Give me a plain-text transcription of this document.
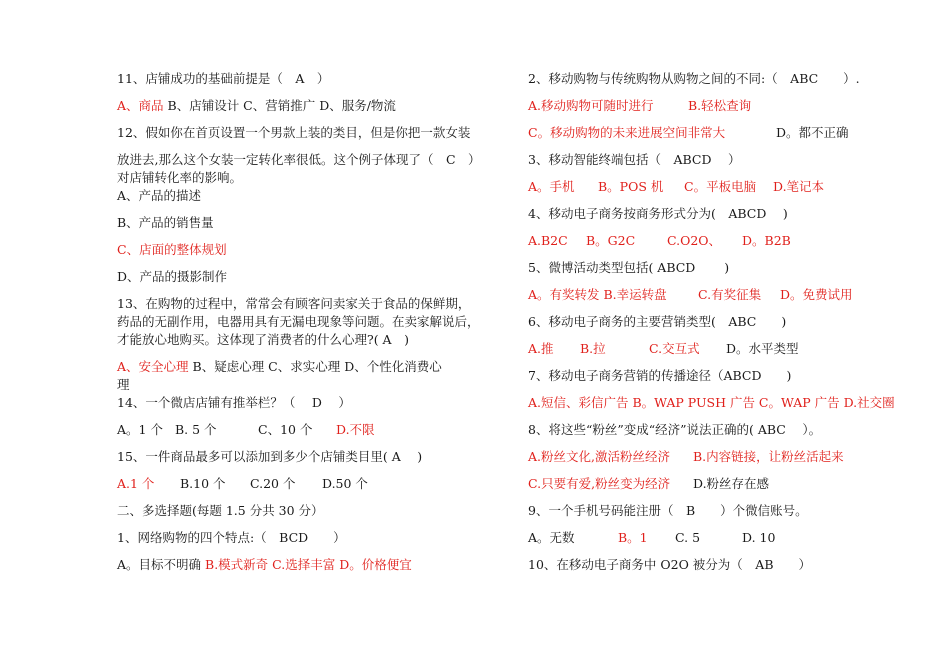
11、店铺成功的基础前提是（　A　）
A、商品 B、店铺设计 C、营销推广 D、服务/物流
12、假如你在首页设置一个男款上装的类目，但是你把一款女装
放进去,那么这个女装一定转化率很低。这个例子体现了（　C　）
对店铺转化率的影响。
A、产品的描述
B、产品的销售量
C、店面的整体规划
D、产品的摄影制作
13、在购物的过程中，常常会有顾客问卖家关于食品的保鲜期，
药品的无副作用，电器用具有无漏电现象等问题。在卖家解说后，
才能放心地购买。这体现了消费者的什么心理?( A　)
A、安全心理 B、疑虑心理 C、求实心理 D、个性化消费心
理
14、一个微店店铺有推举栏？（　 D　 ）
A。1 个 B. 5 个	C、10 个 D.不限
15、一件商品最多可以添加到多少个店铺类目里( A　 )
A.1 个 B.10 个 C.20 个 D.50 个
二、多选择题(每题 1.5 分共 30 分）
1、网络购物的四个特点:（　BCD　　）
A。目标不明确 B.模式新奇 C.选择丰富 D。价格便宜
2、移动购物与传统购物从购物之间的不同:（　ABC　　）.
A.移动购物可随时进行	B.轻松查询
C。移动购物的未来进展空间非常大	D。都不正确
3、移动智能终端包括（　ABCD　 ）
A。手机 B。POS 机 C。平板电脑 D.笔记本
4、移动电子商务按商务形式分为(　ABCD　 )
A.B2C B。G2C	C.O2O、 D。B2B
5、微博活动类型包括( ABCD　　 )
A。有奖转发 B.幸运转盘	C.有奖征集 D。免费试用
6、移动电子商务的主要营销类型(　ABC　　)
A.推 B.拉	C.交互式 D。水平类型
7、移动电子商务营销的传播途径（ABCD　　)
A.短信、彩信广告 B。WAP PUSH 广告 C。WAP 广告 D.社交圈
8、将这些“粉丝”变成“经济”说法正确的( ABC　 ）。
A.粉丝文化,激活粉丝经济 B.内容链接，让粉丝活起来
C.只要有爱,粉丝变为经济 D.粉丝存在感
9、一个手机号码能注册（　B　　）个微信账号。
A。无数	B。1 C. 5	D. 10
10、在移动电子商务中 O2O 被分为（　AB　　）
